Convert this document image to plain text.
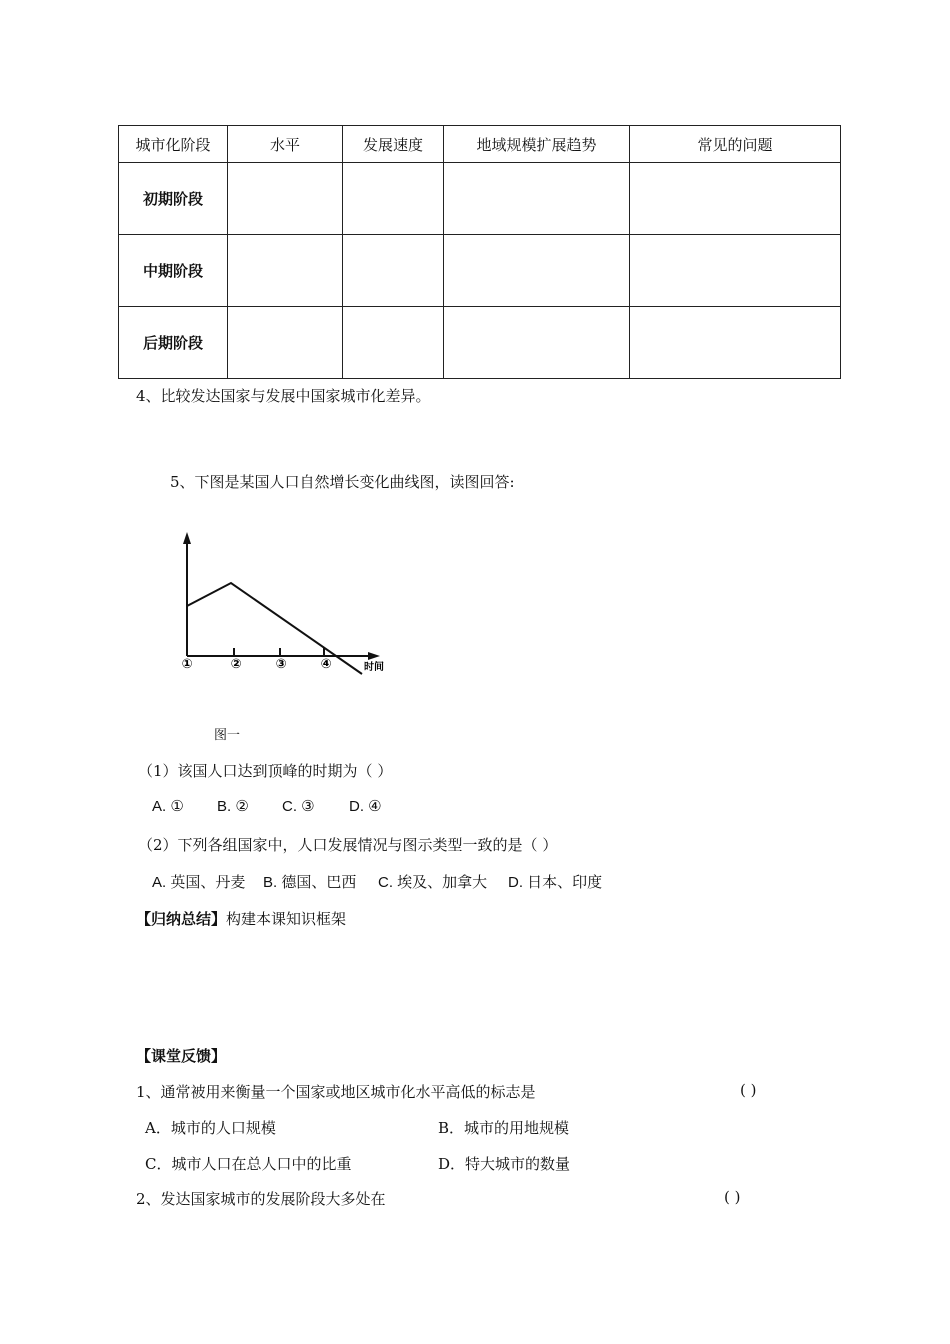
城市化阶段	水平	发展速度	地域规模扩展趋势	常见的问题
初期阶段				
中期阶段				
后期阶段				
4、比较发达国家与发展中国家城市化差异。
5、下图是某国人口自然增长变化曲线图，读图回答:
①	②	③	④	时间
图一
（1）该国人口达到顶峰的时期为（ ）
A. ① B. ② C. ③ D. ④
（2）下列各组国家中，人口发展情况与图示类型一致的是（ ）
A. 英国、丹麦 B. 德国、巴西 C. 埃及、加拿大 D. 日本、印度
【归纳总结】构建本课知识框架
【课堂反馈】
1、通常被用来衡量一个国家或地区城市化水平高低的标志是	( )
A．城市的人口规模	B．城市的用地规模
C．城市人口在总人口中的比重	D．特大城市的数量
2、发达国家城市的发展阶段大多处在	( )
